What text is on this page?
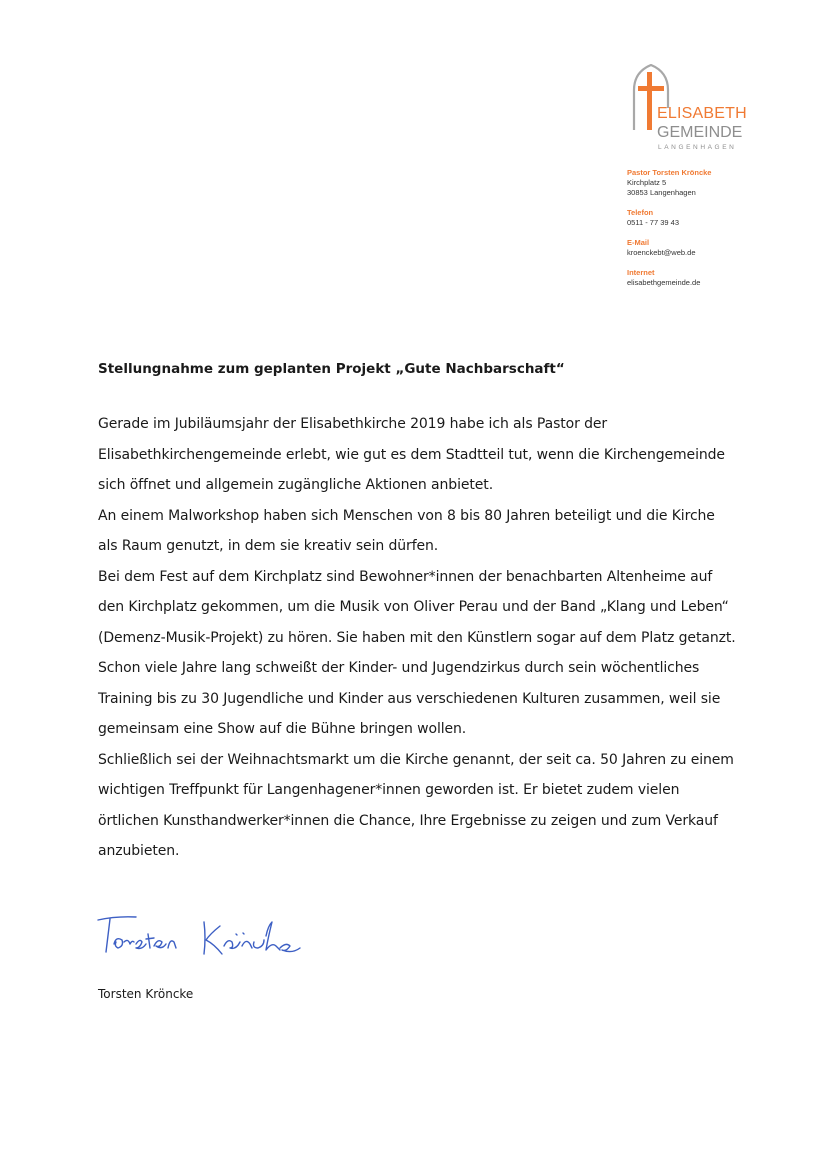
ELISABETH
GEMEINDE
LANGENHAGEN
Pastor Torsten Kröncke
Kirchplatz 5
30853 Langenhagen
Telefon
0511 - 77 39 43
E-Mail
kroenckebt@web.de
Internet
elisabethgemeinde.de
Stellungnahme zum geplanten Projekt „Gute Nachbarschaft“

Gerade im Jubiläumsjahr der Elisabethkirche 2019 habe ich als Pastor der Elisabethkirchengemeinde erlebt, wie gut es dem Stadtteil tut, wenn die Kirchengemeinde sich öffnet und allgemein zugängliche Aktionen anbietet.

An einem Malworkshop haben sich Menschen von 8 bis 80 Jahren beteiligt und die Kirche als Raum genutzt, in dem sie kreativ sein dürfen.

Bei dem Fest auf dem Kirchplatz sind Bewohner*innen der benachbarten Altenheime auf den Kirchplatz gekommen, um die Musik von Oliver Perau und der Band „Klang und Leben“ (Demenz-Musik-Projekt) zu hören. Sie haben mit den Künstlern sogar auf dem Platz getanzt.

Schon viele Jahre lang schweißt der Kinder- und Jugendzirkus durch sein wöchentliches Training bis zu 30 Jugendliche und Kinder aus verschiedenen Kulturen zusammen, weil sie gemeinsam eine Show auf die Bühne bringen wollen.

Schließlich sei der Weihnachtsmarkt um die Kirche genannt, der seit ca. 50 Jahren zu einem wichtigen Treffpunkt für Langenhagener*innen geworden ist. Er bietet zudem vielen örtlichen Kunsthandwerker*innen die Chance, Ihre Ergebnisse zu zeigen und zum Verkauf anzubieten.

Torsten Kröncke
